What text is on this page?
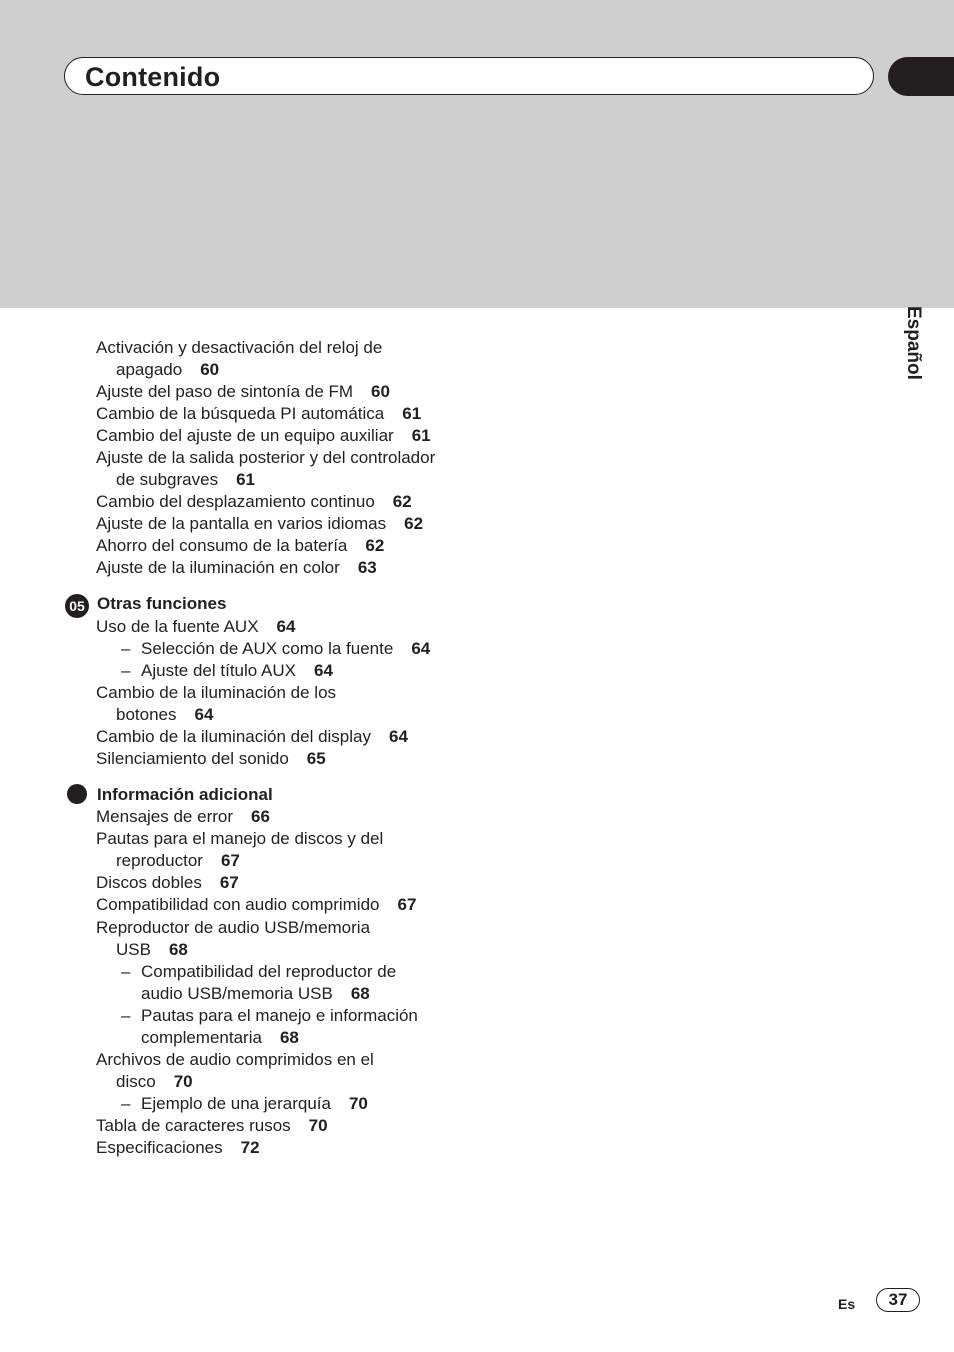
Contenido
Español
Activación y desactivación del reloj de
apagado 60
Ajuste del paso de sintonía de FM 60
Cambio de la búsqueda PI automática 61
Cambio del ajuste de un equipo auxiliar 61
Ajuste de la salida posterior y del controlador
de subgraves 61
Cambio del desplazamiento continuo 62
Ajuste de la pantalla en varios idiomas 62
Ahorro del consumo de la batería 62
Ajuste de la iluminación en color 63
05 Otras funciones
Uso de la fuente AUX 64
– Selección de AUX como la fuente 64
– Ajuste del título AUX 64
Cambio de la iluminación de los
botones 64
Cambio de la iluminación del display 64
Silenciamiento del sonido 65
Información adicional
Mensajes de error 66
Pautas para el manejo de discos y del
reproductor 67
Discos dobles 67
Compatibilidad con audio comprimido 67
Reproductor de audio USB/memoria
USB 68
– Compatibilidad del reproductor de
audio USB/memoria USB 68
– Pautas para el manejo e información
complementaria 68
Archivos de audio comprimidos en el
disco 70
– Ejemplo de una jerarquía 70
Tabla de caracteres rusos 70
Especificaciones 72
Es	37
